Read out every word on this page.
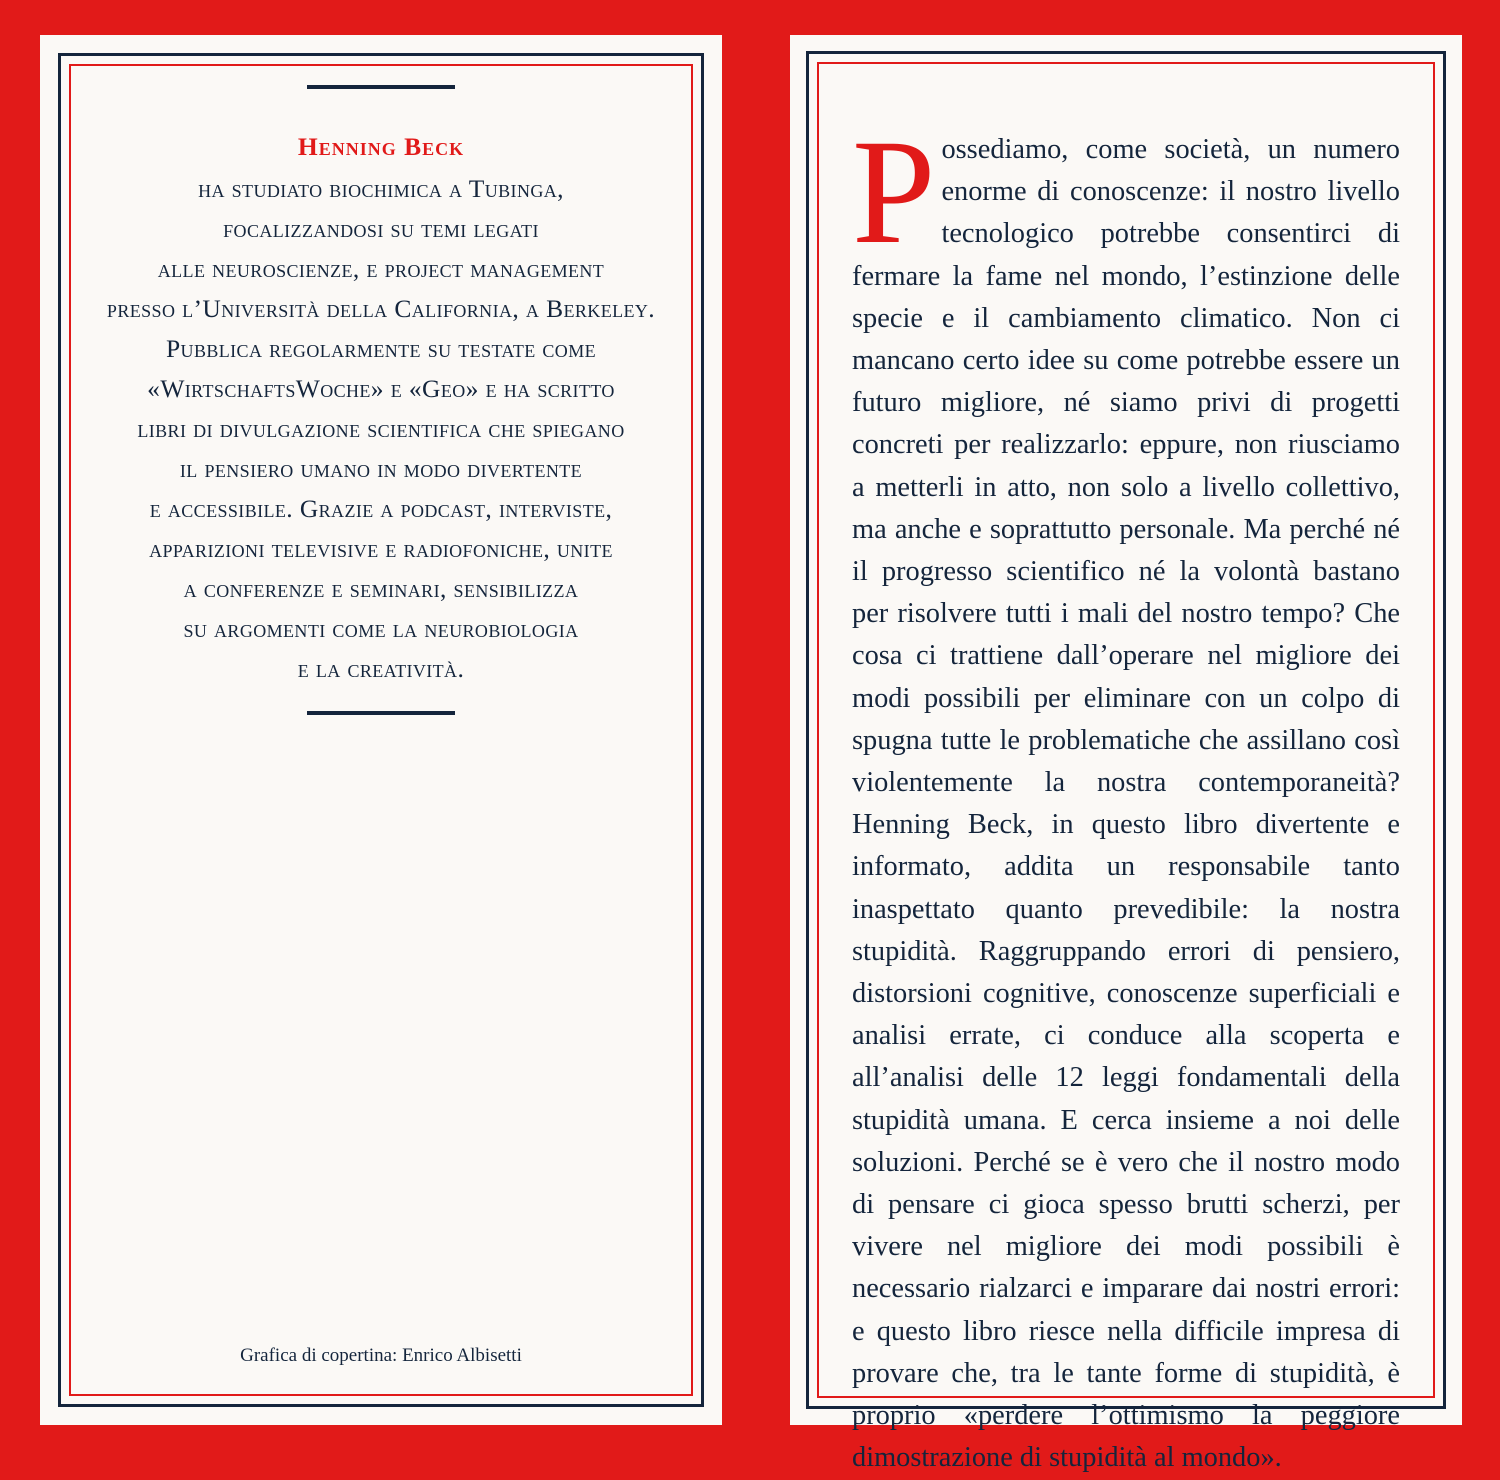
Henning Beck
ha studiato biochimica a Tubinga,
focalizzandosi su temi legati
alle neuroscienze, e project management
presso l’Università della California, a Berkeley.
Pubblica regolarmente su testate come
«WirtschaftsWoche» e «Geo» e ha scritto
libri di divulgazione scientifica che spiegano
il pensiero umano in modo divertente
e accessibile. Grazie a podcast, interviste,
apparizioni televisive e radiofoniche, unite
a conferenze e seminari, sensibilizza
su argomenti come la neurobiologia
e la creatività.
Grafica di copertina: Enrico Albisetti
Possediamo, come società, un numero enorme di conoscenze: il nostro livello tecnologico potrebbe consentirci di fermare la fame nel mondo, l’estinzione delle specie e il cambiamento climatico. Non ci mancano certo idee su come potrebbe essere un futuro migliore, né siamo privi di progetti concreti per realizzarlo: eppure, non riusciamo a metterli in atto, non solo a livello collettivo, ma anche e soprattutto personale. Ma perché né il progresso scientifico né la volontà bastano per risolvere tutti i mali del nostro tempo? Che cosa ci trattiene dall’operare nel migliore dei modi possibili per eliminare con un colpo di spugna tutte le problematiche che assillano così violentemente la nostra contemporaneità? Henning Beck, in questo libro divertente e informato, addita un responsabile tanto inaspettato quanto prevedibile: la nostra stupidità. Raggruppando errori di pensiero, distorsioni cognitive, conoscenze superficiali e analisi errate, ci conduce alla scoperta e all’analisi delle 12 leggi fondamentali della stupidità umana. E cerca insieme a noi delle soluzioni. Perché se è vero che il nostro modo di pensare ci gioca spesso brutti scherzi, per vivere nel migliore dei modi possibili è necessario rialzarci e imparare dai nostri errori: e questo libro riesce nella difficile impresa di provare che, tra le tante forme di stupidità, è proprio «perdere l’ottimismo la peggiore dimostrazione di stupidità al mondo».
